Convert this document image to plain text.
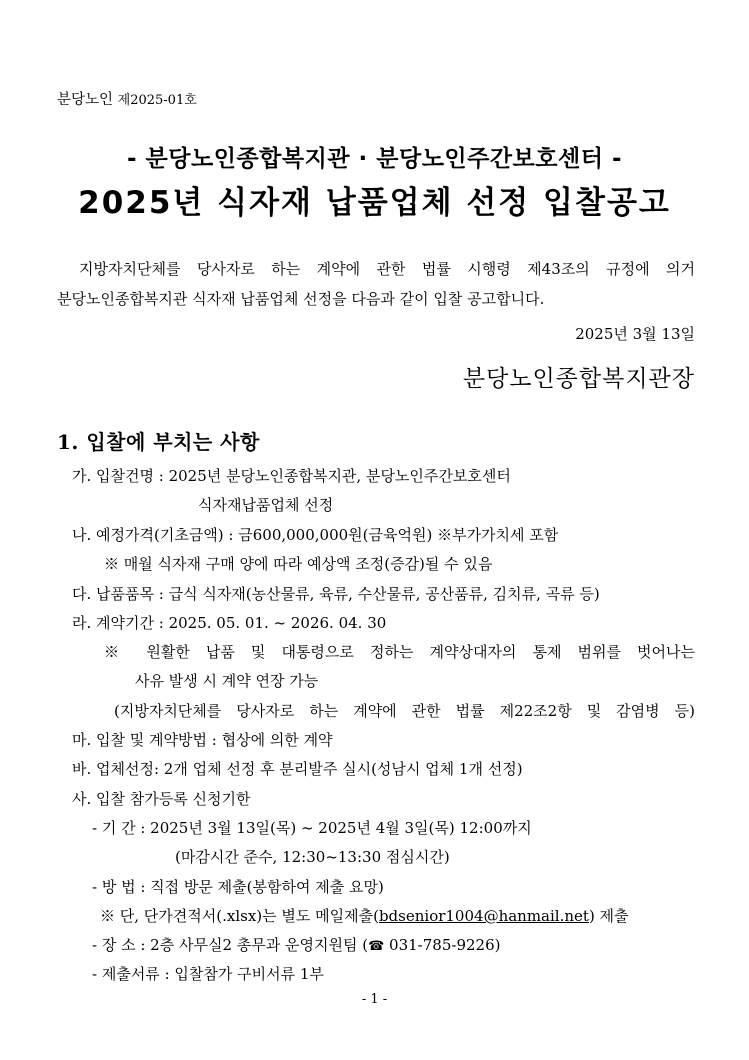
분당노인 제2025-01호
- 분당노인종합복지관 · 분당노인주간보호센터 -
2025년 식자재 납품업체 선정 입찰공고
지방자치단체를 당사자로 하는 계약에 관한 법률 시행령 제43조의 규정에 의거
분당노인종합복지관 식자재 납품업체 선정을 다음과 같이 입찰 공고합니다.
2025년 3월 13일
분당노인종합복지관장
1. 입찰에 부치는 사항
가. 입찰건명 : 2025년 분당노인종합복지관, 분당노인주간보호센터
식자재납품업체 선정
나. 예정가격(기초금액) : 금600,000,000원(금육억원) ※부가가치세 포함
※ 매월 식자재 구매 양에 따라 예상액 조정(증감)될 수 있음
다. 납품품목 : 급식 식자재(농산물류, 육류, 수산물류, 공산품류, 김치류, 곡류 등)
라. 계약기간 : 2025. 05. 01. ~ 2026. 04. 30
※ 원활한 납품 및 대통령으로 정하는 계약상대자의 통제 범위를 벗어나는
사유 발생 시 계약 연장 가능
(지방자치단체를 당사자로 하는 계약에 관한 법률 제22조2항 및 감염병 등)
마. 입찰 및 계약방법 : 협상에 의한 계약
바. 업체선정: 2개 업체 선정 후 분리발주 실시(성남시 업체 1개 선정)
사. 입찰 참가등록 신청기한
- 기 간 : 2025년 3월 13일(목) ~ 2025년 4월 3일(목) 12:00까지
(마감시간 준수, 12:30~13:30 점심시간)
- 방 법 : 직접 방문 제출(봉함하여 제출 요망)
※ 단, 단가견적서(.xlsx)는 별도 메일제출(bdsenior1004@hanmail.net) 제출
- 장 소 : 2층 사무실2 총무과 운영지원팀 (☎ 031-785-9226)
- 제출서류 : 입찰참가 구비서류 1부
- 1 -
